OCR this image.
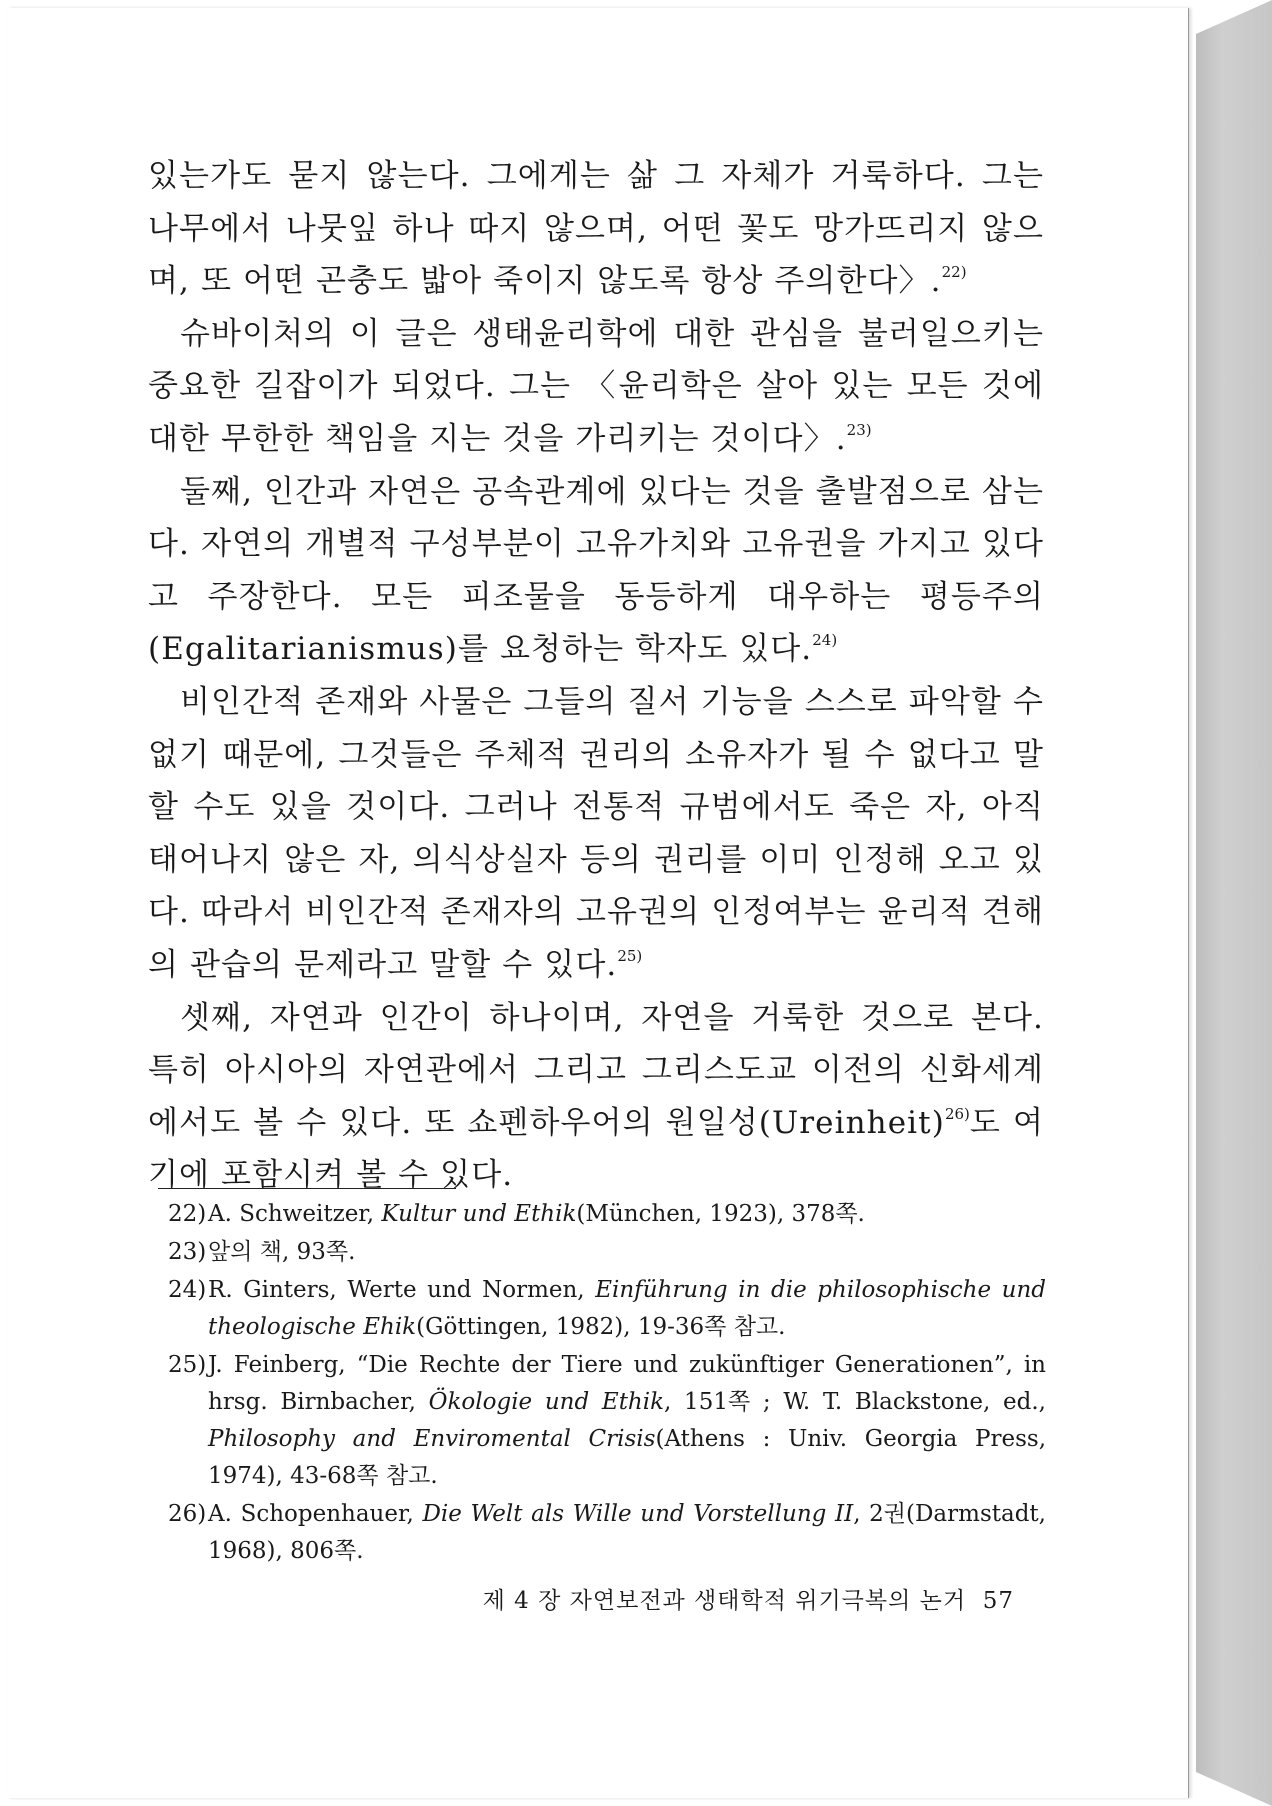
있는가도 묻지 않는다. 그에게는 삶 그 자체가 거룩하다. 그는 나무에서 나뭇잎 하나 따지 않으며, 어떤 꽃도 망가뜨리지 않으며, 또 어떤 곤충도 밟아 죽이지 않도록 항상 주의한다〉.$^{22)}$

슈바이처의 이 글은 생태윤리학에 대한 관심을 불러일으키는 중요한 길잡이가 되었다. 그는 〈윤리학은 살아 있는 모든 것에 대한 무한한 책임을 지는 것을 가리키는 것이다〉.$^{23)}$

둘째, 인간과 자연은 공속관계에 있다는 것을 출발점으로 삼는다. 자연의 개별적 구성부분이 고유가치와 고유권을 가지고 있다고 주장한다. 모든 피조물을 동등하게 대우하는 평등주의(Egalitarianismus)를 요청하는 학자도 있다.$^{24)}$

비인간적 존재와 사물은 그들의 질서 기능을 스스로 파악할 수 없기 때문에, 그것들은 주체적 권리의 소유자가 될 수 없다고 말할 수도 있을 것이다. 그러나 전통적 규범에서도 죽은 자, 아직 태어나지 않은 자, 의식상실자 등의 권리를 이미 인정해 오고 있다. 따라서 비인간적 존재자의 고유권의 인정여부는 윤리적 견해의 관습의 문제라고 말할 수 있다.$^{25)}$

셋째, 자연과 인간이 하나이며, 자연을 거룩한 것으로 본다. 특히 아시아의 자연관에서 그리고 그리스도교 이전의 신화세계에서도 볼 수 있다. 또 쇼펜하우어의 원일성(Ureinheit)$^{26)}$도 여기에 포함시켜 볼 수 있다.

22) A. Schweitzer, Kultur und Ethik(München, 1923), 378쪽.
23) 앞의 책, 93쪽.
24) R. Ginters, Werte und Normen, Einführung in die philosophische und theologische Ehik(Göttingen, 1982), 19-36쪽 참고.
25) J. Feinberg, “Die Rechte der Tiere und zukünftiger Generationen”, in hrsg. Birnbacher, Ökologie und Ethik, 151쪽 ; W. T. Blackstone, ed., Philosophy and Enviromental Crisis(Athens : Univ. Georgia Press, 1974), 43-68쪽 참고.
26) A. Schopenhauer, Die Welt als Wille und Vorstellung II, 2권(Darmstadt, 1968), 806쪽.
제 4 장 자연보전과 생태학적 위기극복의 논거 57
